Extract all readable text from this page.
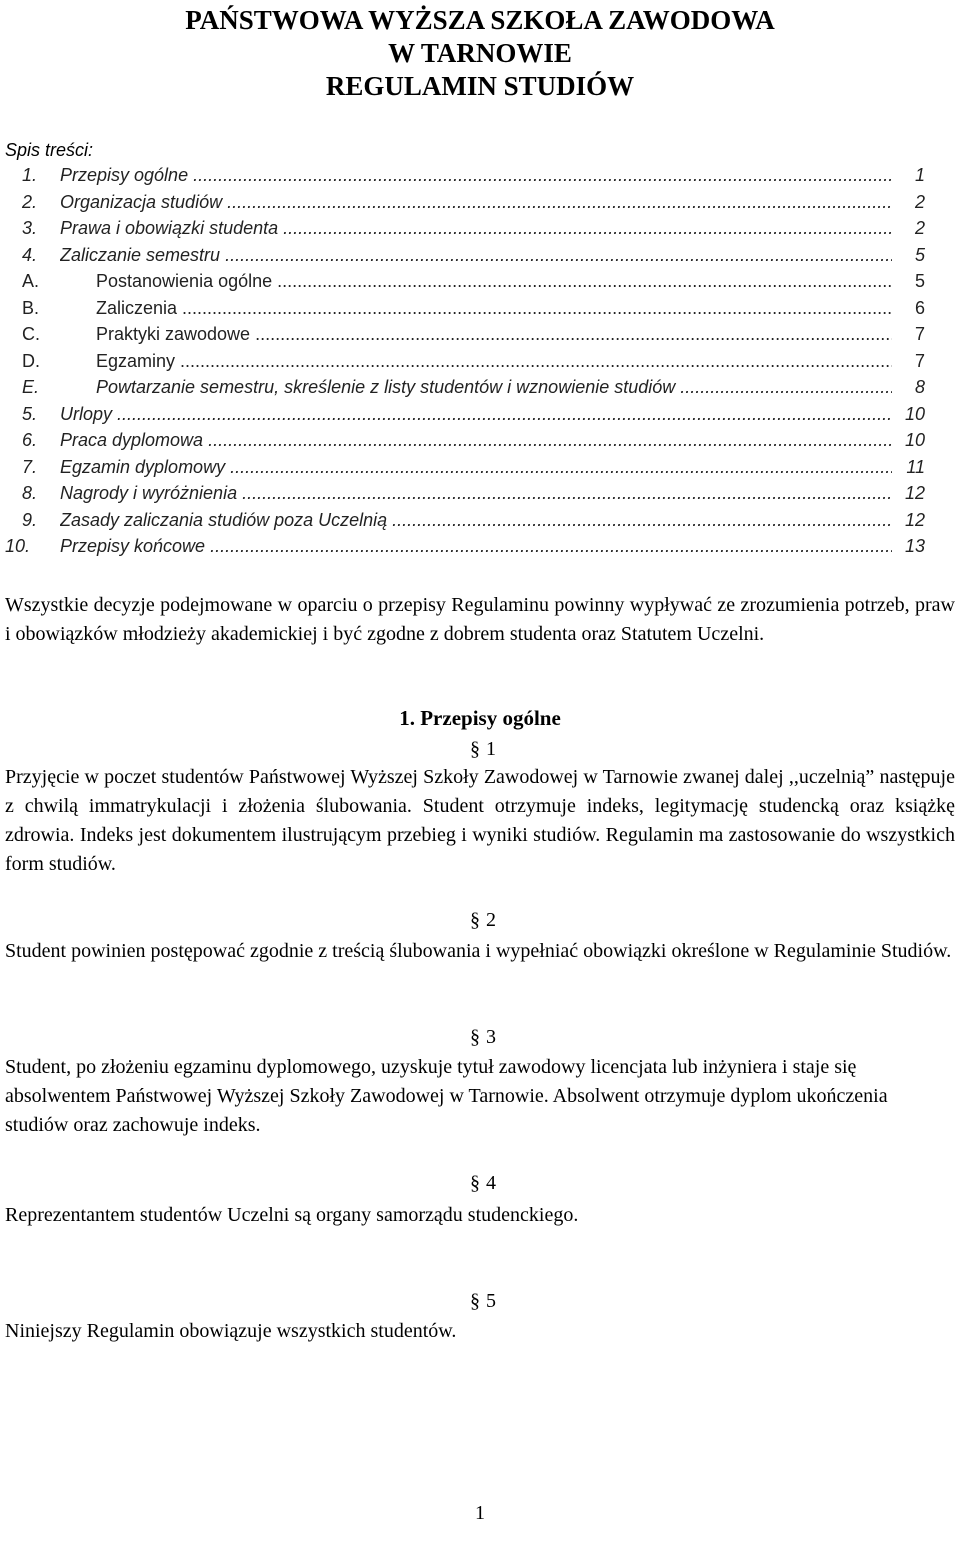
PAŃSTWOWA WYŻSZA SZKOŁA ZAWODOWA
W TARNOWIE
REGULAMIN STUDIÓW
Spis treści:
1. Przepisy ogólne .....	1
2. Organizacja studiów .....	2
3. Prawa i obowiązki studenta .....	2
4. Zaliczanie semestru .....	5
A.	Postanowienia ogólne .....	5
B.	Zaliczenia .....	6
C.	Praktyki zawodowe .....	7
D.	Egzaminy .....	7
E.	Powtarzanie semestru, skreślenie z listy studentów i wznowienie studiów .....	8
5. Urlopy .....	10
6. Praca dyplomowa .....	10
7. Egzamin dyplomowy .....	11
8. Nagrody i wyróżnienia .....	12
9. Zasady zaliczania studiów poza Uczelnią .....	12
10. Przepisy końcowe .....	13

Wszystkie decyzje podejmowane w oparciu o przepisy Regulaminu powinny wypływać ze zrozumienia potrzeb, praw i obowiązków młodzieży akademickiej i być zgodne z dobrem studenta oraz Statutem Uczelni.

1. Przepisy ogólne
§ 1

Przyjęcie w poczet studentów Państwowej Wyższej Szkoły Zawodowej w Tarnowie zwanej dalej ,,uczelnią” następuje z chwilą immatrykulacji i złożenia ślubowania. Student otrzymuje indeks, legitymację studencką oraz książkę zdrowia. Indeks jest dokumentem ilustrującym przebieg i wyniki studiów. Regulamin ma zastosowanie do wszystkich form studiów.

§ 2

Student powinien postępować zgodnie z treścią ślubowania i wypełniać obowiązki określone w Regulaminie Studiów.

§ 3

Student, po złożeniu egzaminu dyplomowego, uzyskuje tytuł zawodowy licencjata lub inżyniera i staje się absolwentem Państwowej Wyższej Szkoły Zawodowej w Tarnowie. Absolwent otrzymuje dyplom ukończenia studiów oraz zachowuje indeks.

§ 4

Reprezentantem studentów Uczelni są organy samorządu studenckiego.

§ 5

Niniejszy Regulamin obowiązuje wszystkich studentów.

1
